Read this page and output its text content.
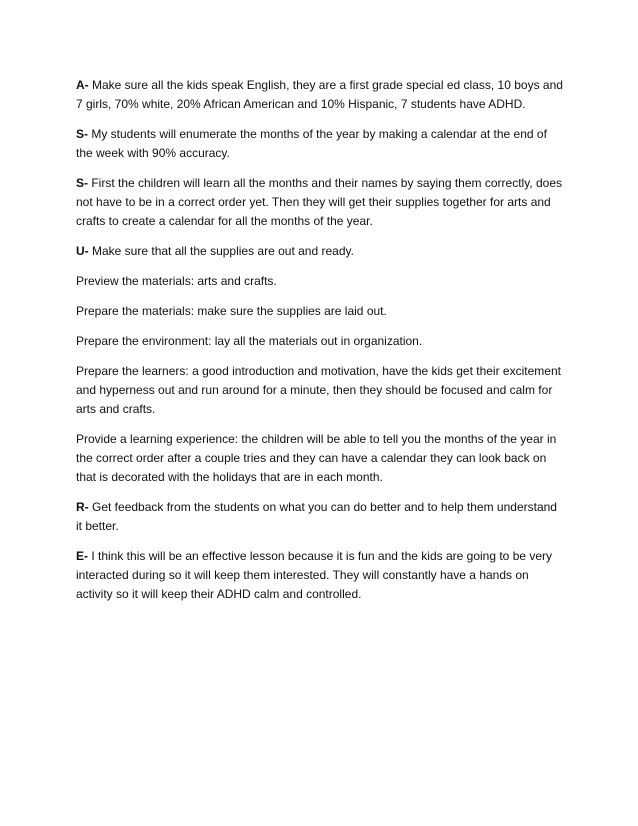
A- Make sure all the kids speak English, they are a first grade special ed class, 10 boys and 7 girls, 70% white, 20% African American and 10% Hispanic, 7 students have ADHD.

S- My students will enumerate the months of the year by making a calendar at the end of the week with 90% accuracy.

S- First the children will learn all the months and their names by saying them correctly, does not have to be in a correct order yet. Then they will get their supplies together for arts and crafts to create a calendar for all the months of the year.

U- Make sure that all the supplies are out and ready.

Preview the materials: arts and crafts.

Prepare the materials: make sure the supplies are laid out.

Prepare the environment: lay all the materials out in organization.

Prepare the learners: a good introduction and motivation, have the kids get their excitement and hyperness out and run around for a minute, then they should be focused and calm for arts and crafts.

Provide a learning experience: the children will be able to tell you the months of the year in the correct order after a couple tries and they can have a calendar they can look back on that is decorated with the holidays that are in each month.

R- Get feedback from the students on what you can do better and to help them understand it better.

E- I think this will be an effective lesson because it is fun and the kids are going to be very interacted during so it will keep them interested. They will constantly have a hands on activity so it will keep their ADHD calm and controlled.
